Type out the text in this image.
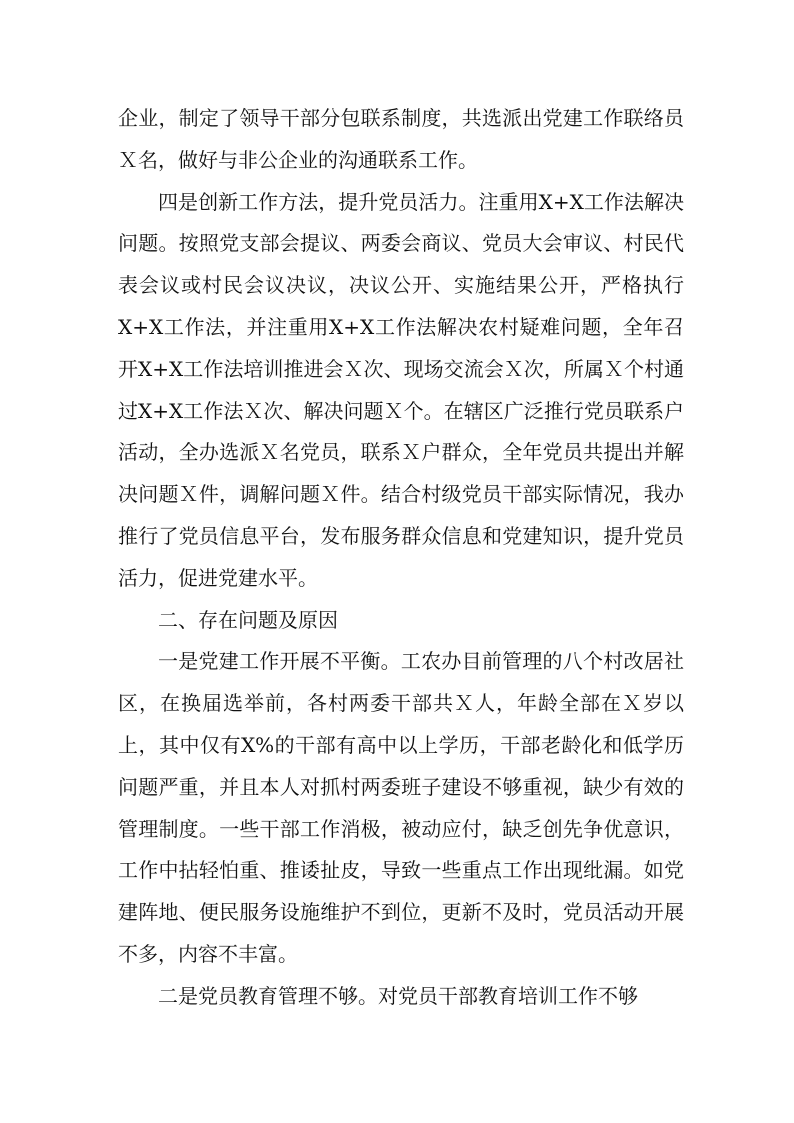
企业，制定了领导干部分包联系制度，共选派出党建工作联络员Ｘ名，做好与非公企业的沟通联系工作。

四是创新工作方法，提升党员活力。注重用X+X工作法解决问题。按照党支部会提议、两委会商议、党员大会审议、村民代表会议或村民会议决议，决议公开、实施结果公开，严格执行X+X工作法，并注重用X+X工作法解决农村疑难问题，全年召开X+X工作法培训推进会Ｘ次、现场交流会Ｘ次，所属Ｘ个村通过X+X工作法Ｘ次、解决问题Ｘ个。在辖区广泛推行党员联系户活动，全办选派Ｘ名党员，联系Ｘ户群众，全年党员共提出并解决问题Ｘ件，调解问题Ｘ件。结合村级党员干部实际情况，我办推行了党员信息平台，发布服务群众信息和党建知识，提升党员活力，促进党建水平。

二、存在问题及原因

一是党建工作开展不平衡。工农办目前管理的八个村改居社区，在换届选举前，各村两委干部共Ｘ人，年龄全部在Ｘ岁以上，其中仅有X%的干部有高中以上学历，干部老龄化和低学历问题严重，并且本人对抓村两委班子建设不够重视，缺少有效的管理制度。一些干部工作消极，被动应付，缺乏创先争优意识，工作中拈轻怕重、推诿扯皮，导致一些重点工作出现纰漏。如党建阵地、便民服务设施维护不到位，更新不及时，党员活动开展不多，内容不丰富。

二是党员教育管理不够。对党员干部教育培训工作不够
